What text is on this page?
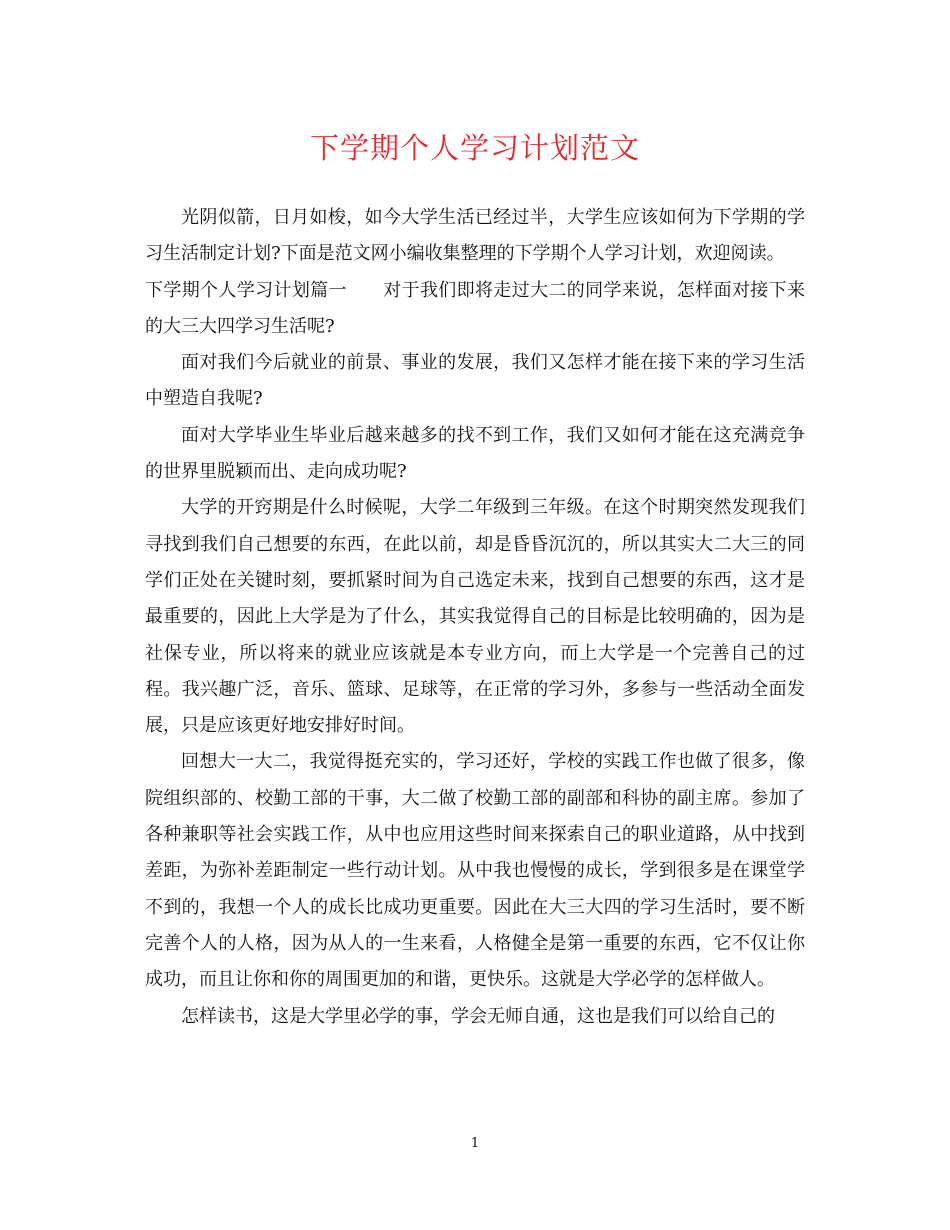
下学期个人学习计划范文

光阴似箭，日月如梭，如今大学生活已经过半，大学生应该如何为下学期的学习生活制定计划?下面是范文网小编收集整理的下学期个人学习计划，欢迎阅读。

下学期个人学习计划篇一 对于我们即将走过大二的同学来说，怎样面对接下来的大三大四学习生活呢?

面对我们今后就业的前景、事业的发展，我们又怎样才能在接下来的学习生活中塑造自我呢?

面对大学毕业生毕业后越来越多的找不到工作，我们又如何才能在这充满竞争的世界里脱颖而出、走向成功呢?

大学的开窍期是什么时候呢，大学二年级到三年级。在这个时期突然发现我们寻找到我们自己想要的东西，在此以前，却是昏昏沉沉的，所以其实大二大三的同学们正处在关键时刻，要抓紧时间为自己选定未来，找到自己想要的东西，这才是最重要的，因此上大学是为了什么，其实我觉得自己的目标是比较明确的，因为是社保专业，所以将来的就业应该就是本专业方向，而上大学是一个完善自己的过程。我兴趣广泛，音乐、篮球、足球等，在正常的学习外，多参与一些活动全面发展，只是应该更好地安排好时间。

回想大一大二，我觉得挺充实的，学习还好，学校的实践工作也做了很多，像院组织部的、校勤工部的干事，大二做了校勤工部的副部和科协的副主席。参加了各种兼职等社会实践工作，从中也应用这些时间来探索自己的职业道路，从中找到差距，为弥补差距制定一些行动计划。从中我也慢慢的成长，学到很多是在课堂学不到的，我想一个人的成长比成功更重要。因此在大三大四的学习生活时，要不断完善个人的人格，因为从人的一生来看，人格健全是第一重要的东西，它不仅让你成功，而且让你和你的周围更加的和谐，更快乐。这就是大学必学的怎样做人。

怎样读书，这是大学里必学的事，学会无师自通，这也是我们可以给自己的

1
